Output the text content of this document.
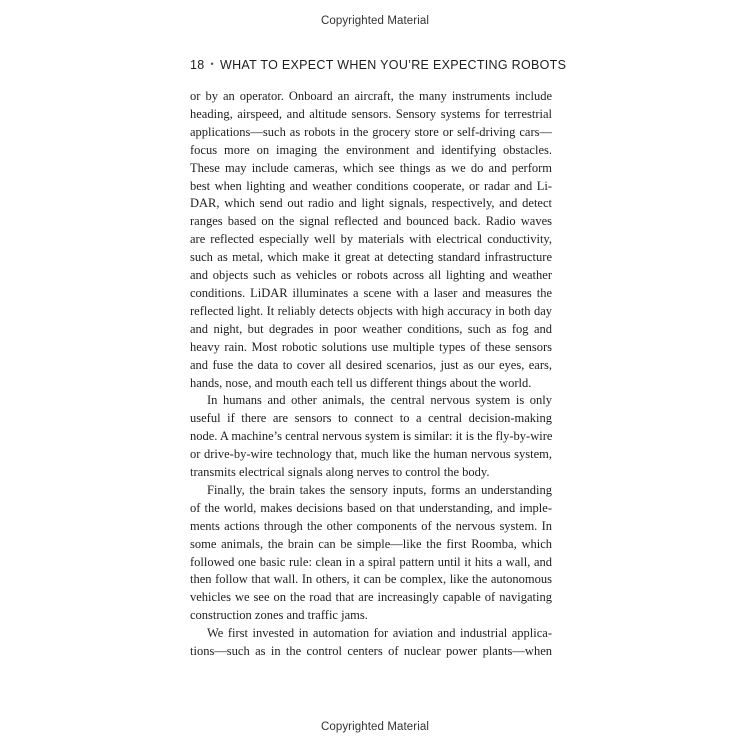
Copyrighted Material
18 • WHAT TO EXPECT WHEN YOU’RE EXPECTING ROBOTS
or by an operator. Onboard an aircraft, the many instruments include
heading, airspeed, and altitude sensors. Sensory systems for terrestrial
applications—such as robots in the grocery store or self-driving cars—
focus more on imaging the environment and identifying obstacles.
These may include cameras, which see things as we do and perform
best when lighting and weather conditions cooperate, or radar and Li-
DAR, which send out radio and light signals, respectively, and detect
ranges based on the signal reflected and bounced back. Radio waves
are reflected especially well by materials with electrical conductivity,
such as metal, which make it great at detecting standard infrastructure
and objects such as vehicles or robots across all lighting and weather
conditions. LiDAR illuminates a scene with a laser and measures the
reflected light. It reliably detects objects with high accuracy in both day
and night, but degrades in poor weather conditions, such as fog and
heavy rain. Most robotic solutions use multiple types of these sensors
and fuse the data to cover all desired scenarios, just as our eyes, ears,
hands, nose, and mouth each tell us different things about the world.
In humans and other animals, the central nervous system is only
useful if there are sensors to connect to a central decision-making
node. A machine’s central nervous system is similar: it is the fly-by-wire
or drive-by-wire technology that, much like the human nervous system,
transmits electrical signals along nerves to control the body.
Finally, the brain takes the sensory inputs, forms an understanding
of the world, makes decisions based on that understanding, and imple-
ments actions through the other components of the nervous system. In
some animals, the brain can be simple—like the first Roomba, which
followed one basic rule: clean in a spiral pattern until it hits a wall, and
then follow that wall. In others, it can be complex, like the autonomous
vehicles we see on the road that are increasingly capable of navigating
construction zones and traffic jams.
We first invested in automation for aviation and industrial applica-
tions—such as in the control centers of nuclear power plants—when
Copyrighted Material
